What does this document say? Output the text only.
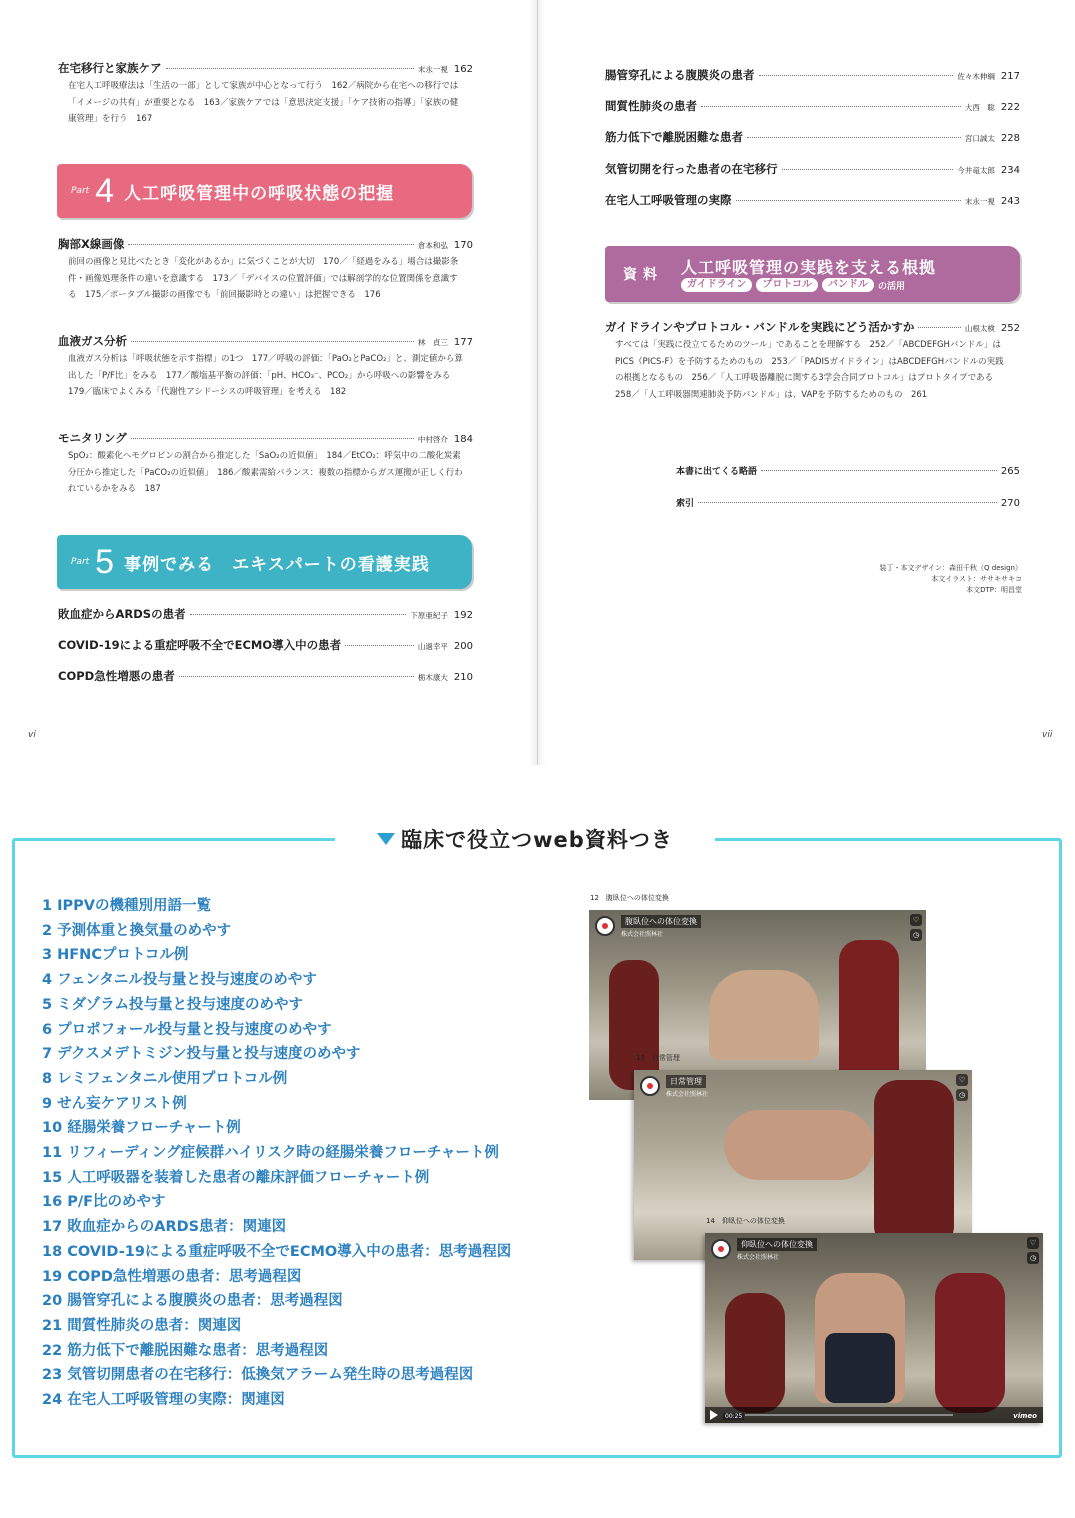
在宅移行と家族ケア	末永一視 162
在宅人工呼吸療法は「生活の一部」として家族が中心となって行う　162／病院から在宅への移行では「イメージの共有」が重要となる　163／家族ケアでは「意思決定支援」「ケア技術の指導」「家族の健康管理」を行う　167
Part 4 人工呼吸管理中の呼吸状態の把握
胸部X線画像	倉本和弘 170
前回の画像と見比べたとき「変化があるか」に気づくことが大切　170／「経過をみる」場合は撮影条件・画像処理条件の違いを意識する　173／「デバイスの位置評価」では解剖学的な位置関係を意識する　175／ポータブル撮影の画像でも「前回撮影時との違い」は把握できる　176
血液ガス分析	林　貞三 177
血液ガス分析は「呼吸状態を示す指標」の1つ　177／呼吸の評価：「PaO₂とPaCO₂」と、測定値から算出した「P/F比」をみる　177／酸塩基平衡の評価：「pH、HCO₃⁻、PCO₂」から呼吸への影響をみる　179／臨床でよくみる「代謝性アシドーシスの呼吸管理」を考える　182
モニタリング	中村啓介 184
SpO₂：酸素化ヘモグロビンの割合から推定した「SaO₂の近似値」　184／EtCO₂：呼気中の二酸化炭素分圧から推定した「PaCO₂の近似値」　186／酸素需給バランス：複数の指標からガス運搬が正しく行われているかをみる　187
Part 5 事例でみる　エキスパートの看護実践
敗血症からARDSの患者	下原亜紀子 192
COVID-19による重症呼吸不全でECMO導入中の患者	山過幸平 200
COPD急性増悪の患者	栃木康大 210
vi
腸管穿孔による腹膜炎の患者	佐々木伸綱 217
間質性肺炎の患者	大西　聡 222
筋力低下で離脱困難な患者	宮口誠太 228
気管切開を行った患者の在宅移行	今井竜太郎 234
在宅人工呼吸管理の実際	末永一視 243
資料 人工呼吸管理の実践を支える根拠
ガイドライン	プロトコル	バンドル	の活用
ガイドラインやプロトコル・バンドルを実践にどう活かすか	山根太検 252
すべては「実践に役立てるためのツール」であることを理解する　252／「ABCDEFGHバンドル」はPICS（PICS-F）を予防するためのもの　253／「PADISガイドライン」はABCDEFGHバンドルの実践の根拠となるもの　256／「人工呼吸器離脱に関する3学会合同プロトコル」はプロトタイプである　258／「人工呼吸器関連肺炎予防バンドル」は、VAPを予防するためのもの　261
本書に出てくる略語	265
索引	270
装丁・本文デザイン：森田千秋（Q design）
本文イラスト：ササキサキコ
本文DTP：明昌堂
vii
臨床で役立つweb資料つき
1 IPPVの機種別用語一覧
2 予測体重と換気量のめやす
3 HFNCプロトコル例
4 フェンタニル投与量と投与速度のめやす
5 ミダゾラム投与量と投与速度のめやす
6 プロポフォール投与量と投与速度のめやす
7 デクスメデトミジン投与量と投与速度のめやす
8 レミフェンタニル使用プロトコル例
9 せん妄ケアリスト例
10 経腸栄養フローチャート例
11 リフィーディング症候群ハイリスク時の経腸栄養フローチャート例
15 人工呼吸器を装着した患者の離床評価フローチャート例
16 P/F比のめやす
17 敗血症からのARDS患者：関連図
18 COVID-19による重症呼吸不全でECMO導入中の患者：思考過程図
19 COPD急性増悪の患者：思考過程図
20 腸管穿孔による腹膜炎の患者：思考過程図
21 間質性肺炎の患者：関連図
22 筋力低下で離脱困難な患者：思考過程図
23 気管切開患者の在宅移行：低換気アラーム発生時の思考過程図
24 在宅人工呼吸管理の実際：関連図
12　腹臥位への体位変換
腹臥位への体位変換
株式会社照林社
♡
◷
13　日常管理
日常管理
株式会社照林社
♡
◷
14　仰臥位への体位変換
仰臥位への体位変換
株式会社照林社
♡
◷
00:25	vimeo
